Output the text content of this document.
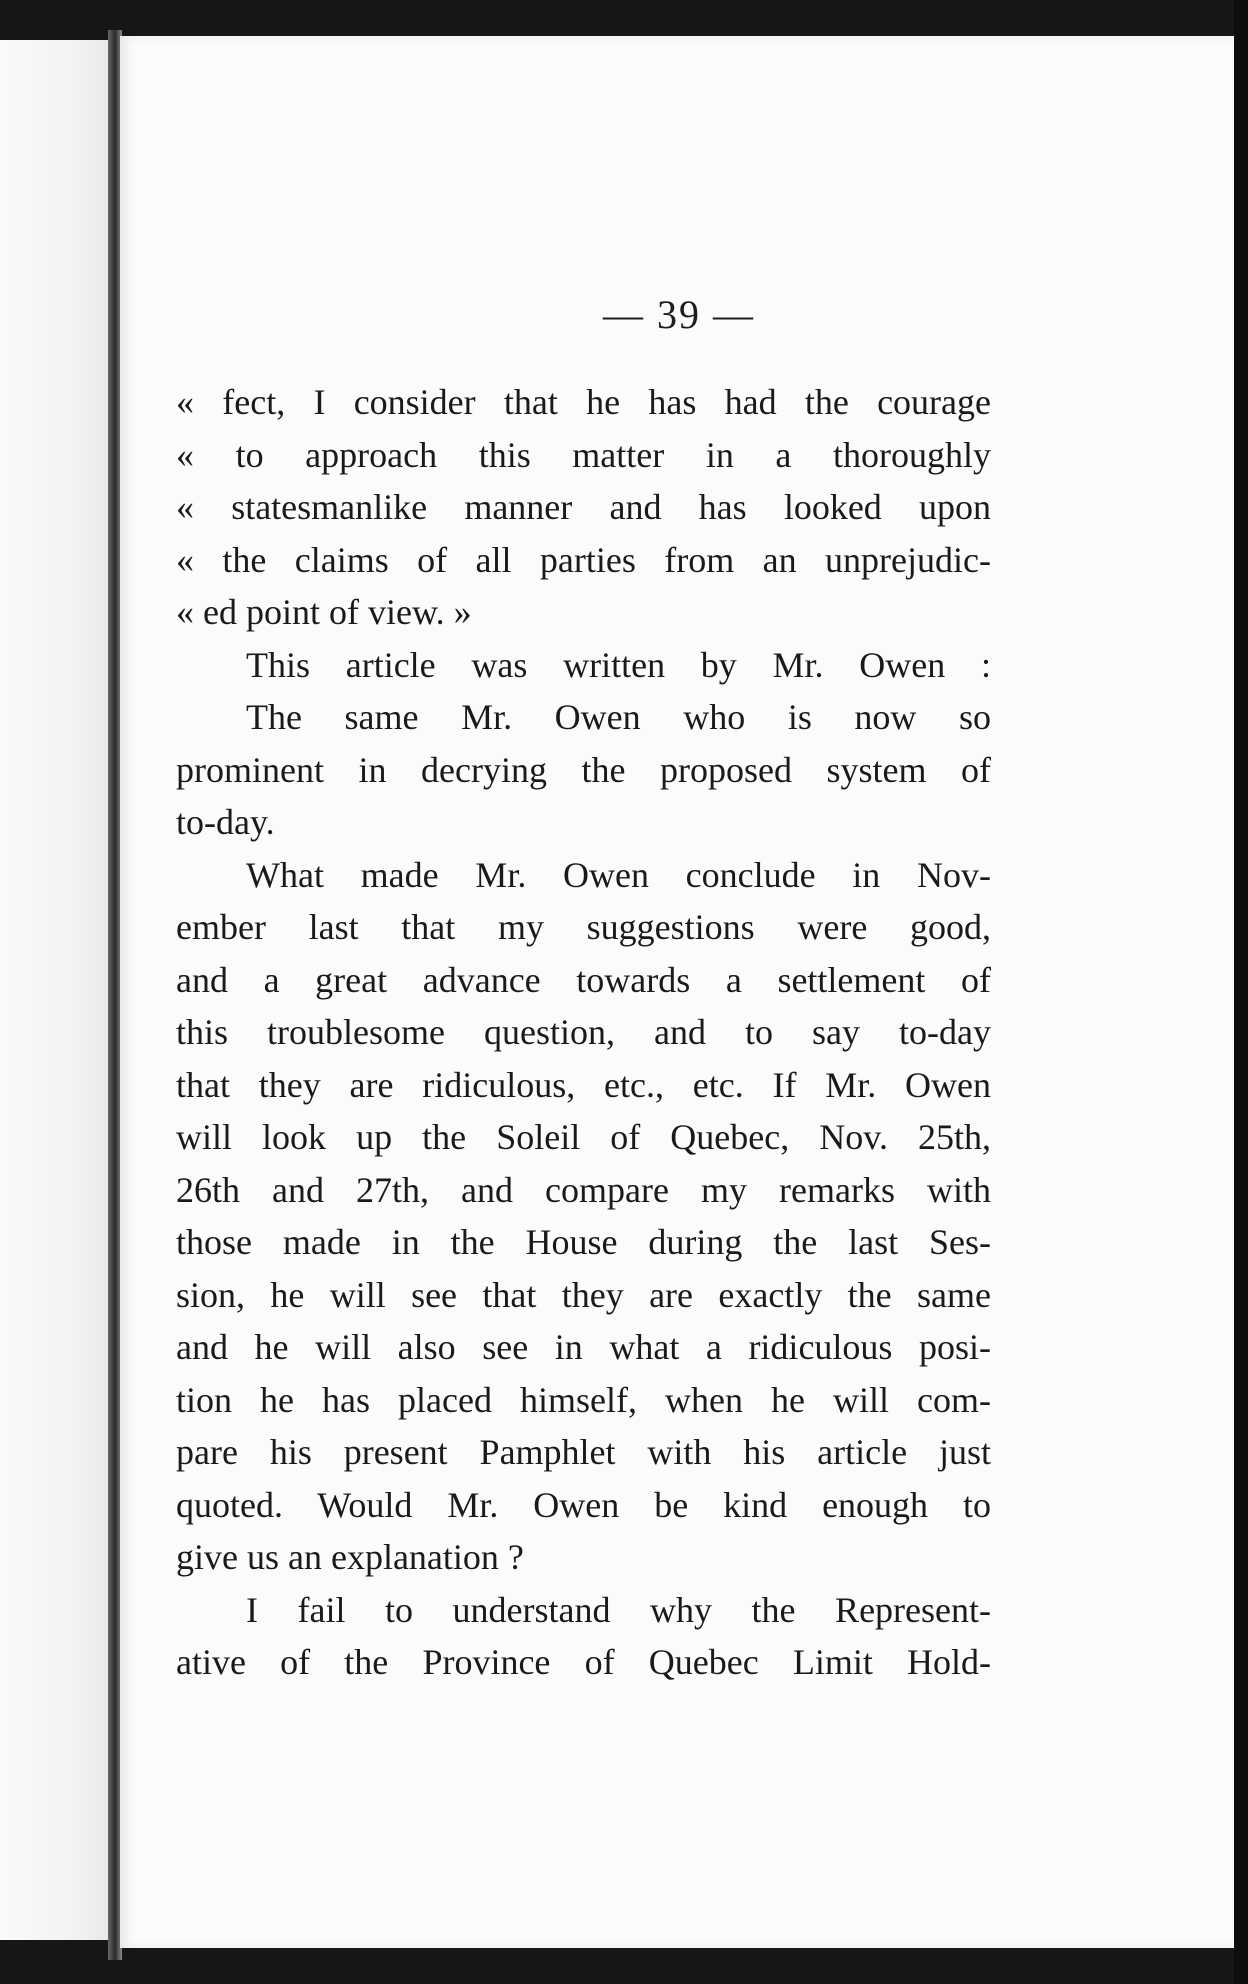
— 39 —
« fect, I consider that he has had the courage
« to approach this matter in a thoroughly
« statesmanlike manner and has looked upon
« the claims of all parties from an unprejudic-
« ed point of view. »
This article was written by Mr. Owen :
The same Mr. Owen who is now so
prominent in decrying the proposed system of
to-day.
What made Mr. Owen conclude in Nov-
ember last that my suggestions were good,
and a great advance towards a settlement of
this troublesome question, and to say to-day
that they are ridiculous, etc., etc. If Mr. Owen
will look up the Soleil of Quebec, Nov. 25th,
26th and 27th, and compare my remarks with
those made in the House during the last Ses-
sion, he will see that they are exactly the same
and he will also see in what a ridiculous posi-
tion he has placed himself, when he will com-
pare his present Pamphlet with his article just
quoted. Would Mr. Owen be kind enough to
give us an explanation ?
I fail to understand why the Represent-
ative of the Province of Quebec Limit Hold-
